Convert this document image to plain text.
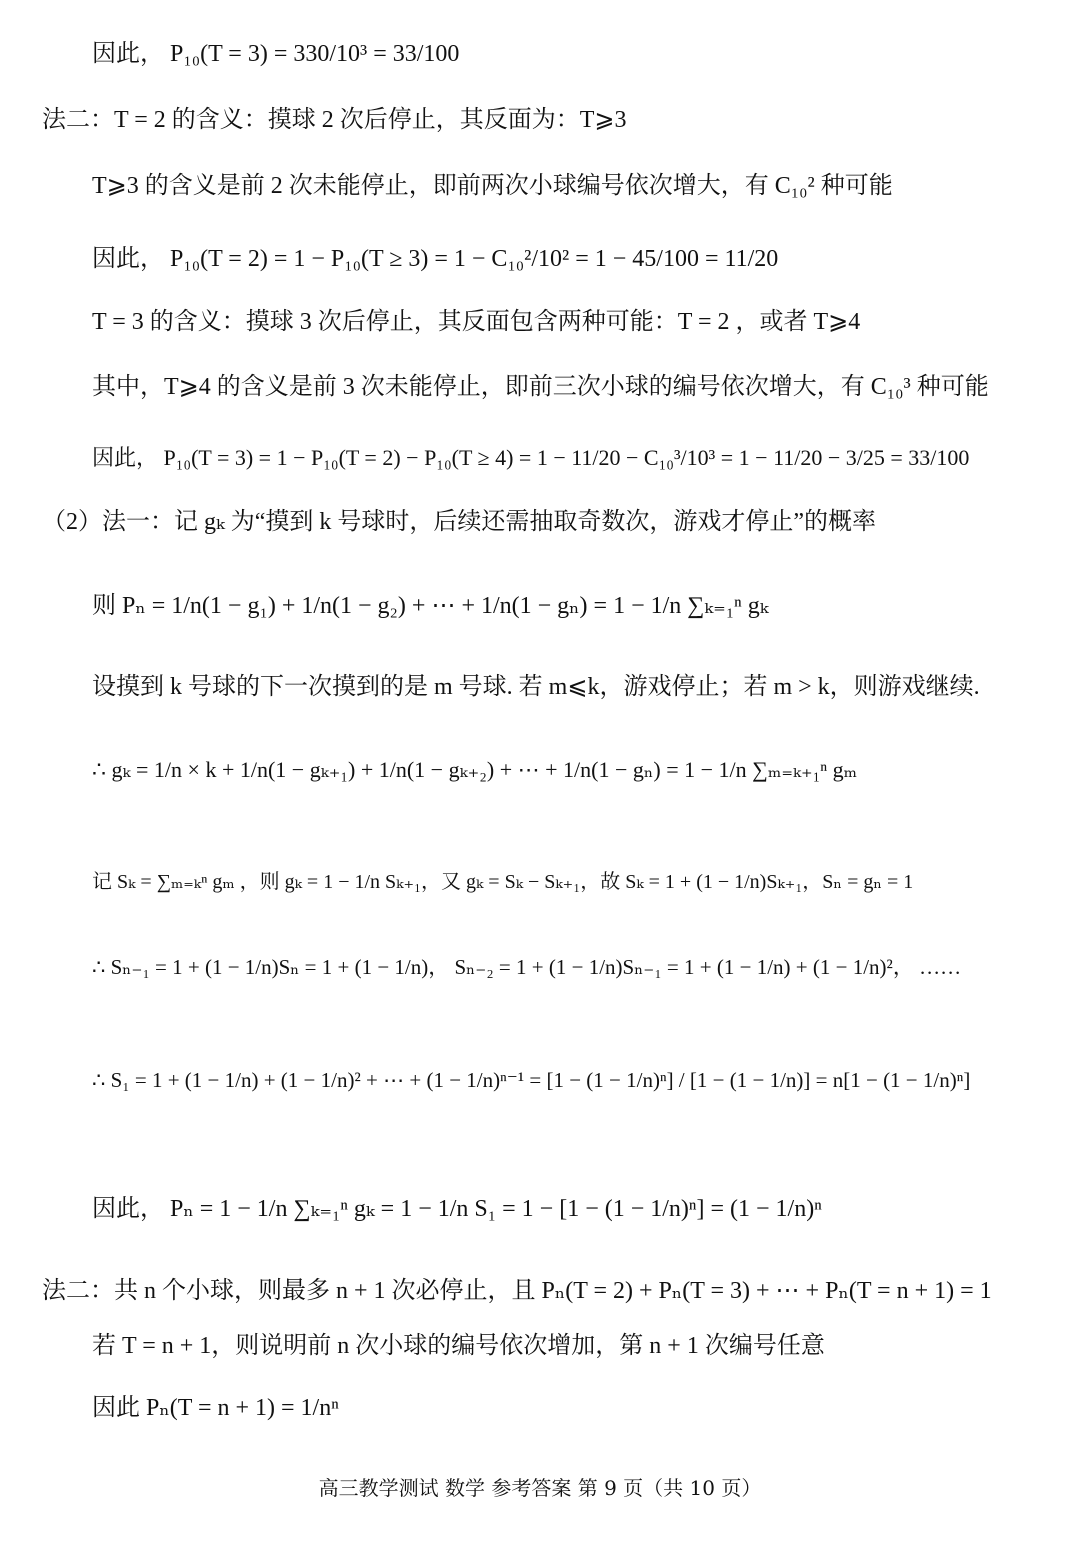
因此， P₁₀(T = 3) = 330/10³ = 33/100
法二：T = 2 的含义：摸球 2 次后停止，其反面为：T⩾3
T⩾3 的含义是前 2 次未能停止，即前两次小球编号依次增大，有 C₁₀² 种可能
因此， P₁₀(T = 2) = 1 − P₁₀(T ≥ 3) = 1 − C₁₀²/10² = 1 − 45/100 = 11/20
T = 3 的含义：摸球 3 次后停止，其反面包含两种可能：T = 2 ，或者 T⩾4
其中，T⩾4 的含义是前 3 次未能停止，即前三次小球的编号依次增大，有 C₁₀³ 种可能
因此， P₁₀(T = 3) = 1 − P₁₀(T = 2) − P₁₀(T ≥ 4) = 1 − 11/20 − C₁₀³/10³ = 1 − 11/20 − 3/25 = 33/100
（2）法一：记 gₖ 为“摸到 k 号球时，后续还需抽取奇数次，游戏才停止”的概率
则 Pₙ = 1/n(1 − g₁) + 1/n(1 − g₂) + ⋯ + 1/n(1 − gₙ) = 1 − 1/n ∑ₖ₌₁ⁿ gₖ
设摸到 k 号球的下一次摸到的是 m 号球. 若 m⩽k，游戏停止；若 m > k，则游戏继续.
∴ gₖ = 1/n × k + 1/n(1 − gₖ₊₁) + 1/n(1 − gₖ₊₂) + ⋯ + 1/n(1 − gₙ) = 1 − 1/n ∑ₘ₌ₖ₊₁ⁿ gₘ
记 Sₖ = ∑ₘ₌ₖⁿ gₘ ，则 gₖ = 1 − 1/n Sₖ₊₁，又 gₖ = Sₖ − Sₖ₊₁，故 Sₖ = 1 + (1 − 1/n)Sₖ₊₁，Sₙ = gₙ = 1
∴ Sₙ₋₁ = 1 + (1 − 1/n)Sₙ = 1 + (1 − 1/n)， Sₙ₋₂ = 1 + (1 − 1/n)Sₙ₋₁ = 1 + (1 − 1/n) + (1 − 1/n)²， ……
∴ S₁ = 1 + (1 − 1/n) + (1 − 1/n)² + ⋯ + (1 − 1/n)ⁿ⁻¹ = [1 − (1 − 1/n)ⁿ] / [1 − (1 − 1/n)] = n[1 − (1 − 1/n)ⁿ]
因此， Pₙ = 1 − 1/n ∑ₖ₌₁ⁿ gₖ = 1 − 1/n S₁ = 1 − [1 − (1 − 1/n)ⁿ] = (1 − 1/n)ⁿ
法二：共 n 个小球，则最多 n + 1 次必停止，且 Pₙ(T = 2) + Pₙ(T = 3) + ⋯ + Pₙ(T = n + 1) = 1
若 T = n + 1，则说明前 n 次小球的编号依次增加，第 n + 1 次编号任意
因此 Pₙ(T = n + 1) = 1/nⁿ
高三教学测试 数学 参考答案 第 9 页（共 10 页）
